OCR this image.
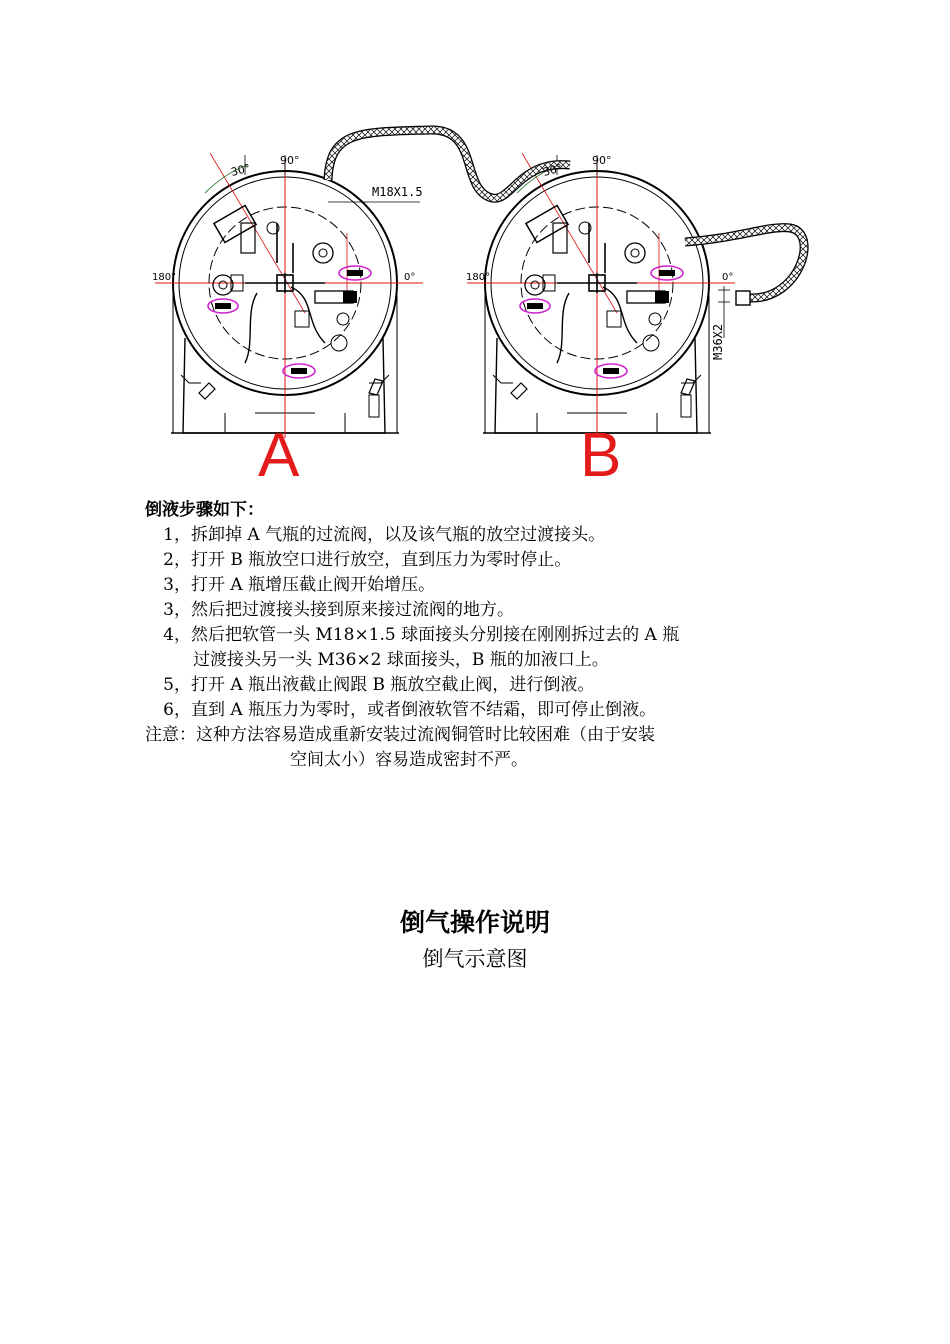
M18X1.5
M36X2
30°
90°
180°	0°
30°
90°
180°	0°
A	B
倒液步骤如下：
1，拆卸掉 A 气瓶的过流阀，以及该气瓶的放空过渡接头。
2，打开 B 瓶放空口进行放空，直到压力为零时停止。
3，打开 A 瓶增压截止阀开始增压。
3，然后把过渡接头接到原来接过流阀的地方。
4，然后把软管一头 M18×1.5 球面接头分别接在刚刚拆过去的 A 瓶
过渡接头另一头 M36×2 球面接头，B 瓶的加液口上。
5，打开 A 瓶出液截止阀跟 B 瓶放空截止阀，进行倒液。
6，直到 A 瓶压力为零时，或者倒液软管不结霜，即可停止倒液。
注意：这种方法容易造成重新安装过流阀铜管时比较困难（由于安装
空间太小）容易造成密封不严。
倒气操作说明
倒气示意图
